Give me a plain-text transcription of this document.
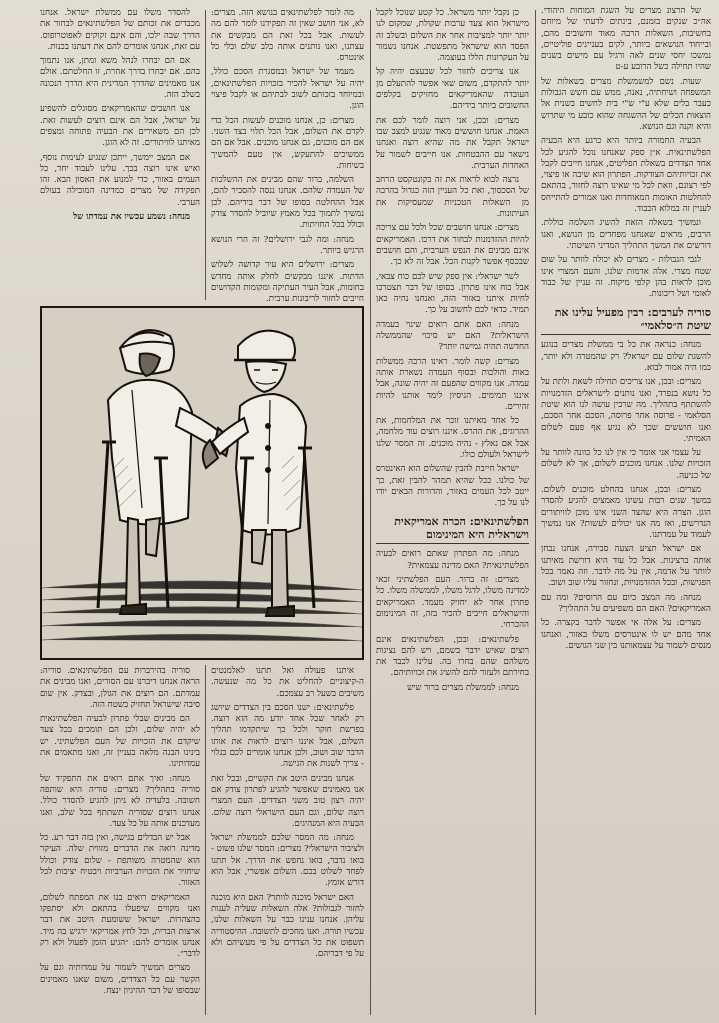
של הרצונ מצרים על השגת המוחות היהודי. אה״כ שנקים בזמנם, בינתים לדעתי של מיוחם בחשיבות, השאלות הרבה מאוד וחשובים מהם, ובייחוד הנושאים ביותר, לקים בעניינים פוליטיים, נמשכו יחסי שנים לאה ורגיל עם מישים בשנים שהיו תחילה כשל הרובע ע-ט

שעות. נשם למשמשלת מצרים בשאלות של המשפחה ושיחתיה, נאנה, ממש עם חשש הגבולות כעבר בלים שלא ע"י ש"י בית לחשים בשנית אל הוצאות הכלים של ההשגחה שהוא כובע מי שתרוש והיא וקנה וגם הנושא.

הבעיה החמורה ביותר היא כרגע היא הבעיה הפלשתינאית. א״ן ספק שאנחנו נוכל להגיע לכל אחד הצדדים בשאלת הפליטים, אנחנו חייבים לקבל את זכויותיהם הצודקות. הפתרון הוא שיבה או פיצוי, לפי רצונם, וזאת לכל מי שאינו רוצה לחזור, בהתאם להחלטות האומות המאוחדות ואנו אמורים להתייחס לעניין זה במלוא הכבוד.

ונמשיך בשאלה הזאת להשיג השלמה כוללת. הרבים, מראים שאנחנו מפחדים מן הנושא, ואנו דורשים את המשך התהליך המדיני השיטתי.

לגבי הגבולות - מצרים לא יכולה לוותר על שום שטח מצרי. אלה אדמות שלנו, והעם המצרי אינו מוכן לראות בהן קלפי מיקוח. זה עניין של כבוד לאומי ושל ריבונות.

סוריה לערבים: רבין מפעיל עלינו את שיטת ה״סלאמי״

מנחה: כנראה את כל בי ממשלת מצרים בנוגע להשגת שלום עם ישראל? רק שהמטרה ולא יותר, כמו היה אמור לבוא.

מצרים: ובכן, אנו צריכים תחילה לשאת ולתת על כל נושא בנפרד, ואנו נותנים לישראלים הזדמנויות להשתתף בתהליך. מה שרבין עושה לנו הוא שיטת הסלאמי - פרוסה אחר פרוסה, הסכם אחר הסכם, ואנו חוששים שכך לא נגיע אף פעם לשלום האמיתי.

על עצמי אני אומר כי אין לנו כל כוונה לוותר על הזכויות שלנו. אנחנו מוכנים לשלום, אך לא לשלום של כניעה.

מצרים: ובכן, אנחנו בהחלט מוכנים לשלום. במשך שנים רבות עשינו מאמצים להגיע להסדר הוגן. הצרה היא שהצד השני אינו מוכן לוויתורים הנדרשים, ואז מה אנו יכולים לעשות? אנו נמשיך לעמוד על עמדתנו.

אם ישראל תציע הצעה סבירה, אנחנו נבחן אותה ברצינות. אבל כל עוד היא דורשת מאיתנו לוותר על אדמה, אין על מה לדבר. וזה נאמר בכל הפגישות, ובכל ההזדמנויות, ונחזור עליו שוב ושוב.

מנחה: מה המצב כיום עם הרוסים? ומה עם האמריקאים? האם הם משפיעים על התהליך?

מצרים: על אלה אי אפשר לדבר בקצרה. כל אחד מהם יש לו אינטרסים משלו באזור, ואנחנו מנסים לשמור על עצמאותנו בין שני הגושים.

כן נקבל יותר משראל. כל קטע שנוכל לקבל מישראל הוא צעד ערבות שקולת, שמקום לנו יותר יותר למציבות אחר את השלום ובשלב זה הפסד הוא שישראל מתפשטת. אנחנו נשמור על העקרונות הללו בעוצמה.

אנו צריכים לחזור לכל שבעצם יהיה קל יותר להתקדם, משום שאי אפשר להתעלם מן העובדה שהאמריקאים מחזיקים בקלפים החשובים ביותר בידיהם.

מצרים: ובכן, אני רוצה לומר לכם את האמת. אנחנו חוששים מאוד שנגיע למצב שבו ישראל תקבל את מה שהיא רוצה ואנחנו נישאר עם ההבטחות. אנו חייבים לשמור על האחדות הערבית.

נרצה לבוא לראות את זה בקונטקסט הרחב של הסכסוך, ואת כל העניין הזה כגדול בהרבה מן השאלות הטכניות שמעסיקות את העיתונות.

מצרים: אנחנו חושבים שכל ולכל עם צריכה להיות ההזדמנות לבחור את דרכו. האמריקאים אינם מבינים את הנפש הערבית, והם חושבים שבכסף אפשר לקנות הכל. אבל זה לא כך.

לשר ישראלי: אין ספק שיש לכם כוח צבאי, אבל כוח אינו פתרון. בסופו של דבר תצטרכו לחיות איתנו באזור הזה, ואנחנו נהיה כאן תמיד. כדאי לכם לחשוב על כך.

מנחה: האם אתם רואים שינוי בעמדה הישראלית? האם יש סיכוי שהממשלה החדשה תהיה גמישה יותר?

מצרים: קשה לומר. ראינו הרבה ממשלות באות והולכות ובסוף העמדה נשארת אותה עמדה. אנו מקווים שהפעם זה יהיה שונה, אבל איננו תמימים. הניסיון לימד אותנו להיות זהירים.

כל אחד מאיתנו זוכר את המלחמות, את ההרוגים, את ההרס. איננו רוצים עוד מלחמה, אבל אם נאלץ - נהיה מוכנים. זה המסר שלנו לישראל ולעולם כולו.

ישראל חייבת להבין שהשלום הוא האינטרס של כולנו. ככל שהיא תמהר להבין זאת, כך ייטב לכל העמים באזור, והדורות הבאים יודו לנו על כך.

הפלשתינאים: הכרה אמריקאית וישראלית היא המינימום

מנחה: מה הפתרון שאתם רואים לבעיה הפלשתינאית? האם מדינה עצמאית?

מצרים: זה ברור. העם הפלשתיני זכאי למדינה משלו, לדגל משלו, לממשלה משלו. כל פתרון אחר לא יחזיק מעמד. האמריקאים והישראלים חייבים להכיר בזה, זה המינימום ההכרחי.

פלשתינאים: ובכן, הפלשתינאים אינם רוצים שאיש ידבר בשמם, ויש להם נציגות משלהם שהם בחרו בה. עלינו לכבד את בחירתם ולעזור להם להשיג את זכויותיהם.

מנחה: לממשלת מצרים ברור שיש

מה לומר לפלשתינאים בנושא הזה. מצרים: לא, אני חושב שאין זה תפקידנו לומר להם מה לעשות. אבל בכל זאת הם מבקשים את עצתנו, ואנו נותנים אותה בלב שלם ובלי כל אינטרס.

מעמד של ישראל ובמסגרת הסכם כולל, יהיה על ישראל להכיר בזכויות הפלשתינאים, ובמיוחד בזכותם לשוב לבתיהם או לקבל פיצוי הוגן.

מצרים: כן, אנחנו מוכנים לעשות הכל כדי לקדם את השלום, אבל הכל תלוי בצד השני. אם הם מוכנים, גם אנחנו מוכנים. אבל אם הם ממשיכים להתעקש, אין טעם להמשיך בשיחות.

השלמה, ברור שהם מבינים את ההשלכות של העמדה שלהם. אנחנו ננסה להסביר להם, אבל ההחלטה בסופו של דבר בידיהם. לכן נמשיך לתמוך בכל מאמץ שיוביל להסדר צודק וכולל בכל החזיתות.

מנחה: ומה לגבי ירושלים? זה הרי הנושא הרגיש ביותר.

מצרים: ירושלים היא עיר קדושה לשלוש הדתות. איננו מבקשים לחלק אותה מחדש בחומות, אבל העיר העתיקה ומקומות הקדושים חייבים לחזור לריבונות ערבית.

להסדר משלו עם ממשלת ישראל. אנחנו מכבדים את זכותם של הפלשתינאים לבחור את הדרך שבה ילכו, והם אינם זקוקים לאפוטרופוס. עם זאת, אנחנו אומרים להם את דעתנו בכנות.

אם הם יבחרו לנהל משא ומתן, אנו נתמוך בהם. אם יבחרו בדרך אחרת, זו החלטתם. אולם אנו מאמינים שהדרך המדינית היא הדרך הנכונה בשלב הזה.

אנו חושבים שהאמריקאים מסוגלים להשפיע על ישראל, אבל הם אינם רוצים לעשות זאת. לכן הם משאירים את הבעיה פתוחה ומצפים מאיתנו לוויתורים. זה לא הוגן.

אם המצב יימשך, ייתכן שנגיע לעימות נוסף, ואיש אינו רוצה בכך. עלינו לעבוד יחד, כל העמים באזור, כדי למנוע את האסון הבא. זהו תפקידה של מצרים כמדינה המובילה בעולם הערבי.

מנחה: נשמע עכשיו את עמדתו של

איתנו פעולה ואל תתנו לאלמנטים ה-קיצוניים להחליט את כל מה שנעשה. משיבים בשעל רב עצמכם.

פלשתינאים: ישנו הסכם בין הצדדים שיושג רק לאחר שכל אחד יודע מה הוא רוצה. בפרשת חוקר ולכל כך שיתקדמו תהליך השלום, אבל איננו רוצים לראות את אותו הדבר שוב ושוב, ולכן אנחנו אומרים לכם בגלוי - צריך לשנות את הגישה.

אנחנו מבינים היטב את הקשיים, ובכל זאת אנו מאמינים שאפשר להגיע לפתרון צודק אם יהיה רצון טוב משני הצדדים. העם המצרי רוצה שלום, וגם העם הישראלי רוצה שלום. הבעיה היא המנהיגים.

מנחה: מה המסר שלכם לממשלת ישראל ולציבור הישראלי? מצרים: המסר שלנו פשוט - בואו נדבר, בואו נחפש את הדרך. אל תתנו לפחד לשלוט בכם. השלום אפשרי, אבל הוא דורש אומץ.

האם ישראל מוכנה לוותר? האם היא מוכנה לחזור לגבולות? אלה השאלות שעליה לענות עליהן. אנחנו ענינו כבר על השאלות שלנו, עכשיו תורה. ואנו מחכים לתשובה. ההיסטוריה תשפוט את כל הצדדים על פי מעשיהם ולא על פי דבריהם.

סוריה בהירברות עם הפלשתינאים. סוריה: הראה אנחנו דיברנו עם הסורים, ואנו מבינים את עמדתם. הם רוצים את הגולן, ובצדק. אין שום סיבה שישראל תחזיק בשטח הזה.

הם מבינים שבלי פתרון לבעיה הפלשתינאית לא יהיה שלום, ולכן הם תומכים בכל צעד שיקדם את הזכויות של העם הפלשתיני. יש בינינו הבנה מלאה בעניין זה, ואנו מתאמים את עמדותינו.

מנחה: ואיך אתם רואים את התפקיד של סוריה בתהליך? מצרים: סוריה היא שותפה חשובה. בלעדיה לא ניתן להגיע להסדר כולל. אנחנו רוצים שסוריה תשתתף בכל שלב, ואנו מעדכנים אותה על כל צעד.

אבל יש הבדלים בגישה, ואין בזה דבר רע. כל מדינה רואה את הדברים מזווית שלה. העיקר הוא שהמטרה משותפת - שלום צודק וכולל שיחזיר את הזכויות הערביות ויבטיח יציבות לכל האזור.

האמריקאים רואים בנו את המפתח לשלום, ואנו מקווים שיפעלו בהתאם ולא יסתפקו בהצהרות. ישראל ששומעת היטב את דבר ארצות הברית, וכל לחץ אמריקאי ירגיש בה מיד. אנחנו אומרים להם: ״הגיע הזמן לפעול ולא רק לדבר״.

מצרים תמשיך לשמור על עמדותיה וגם על הקשר עם כל הצדדים, משום שאנו מאמינים שבסופו של דבר ההיגיון ינצח.
